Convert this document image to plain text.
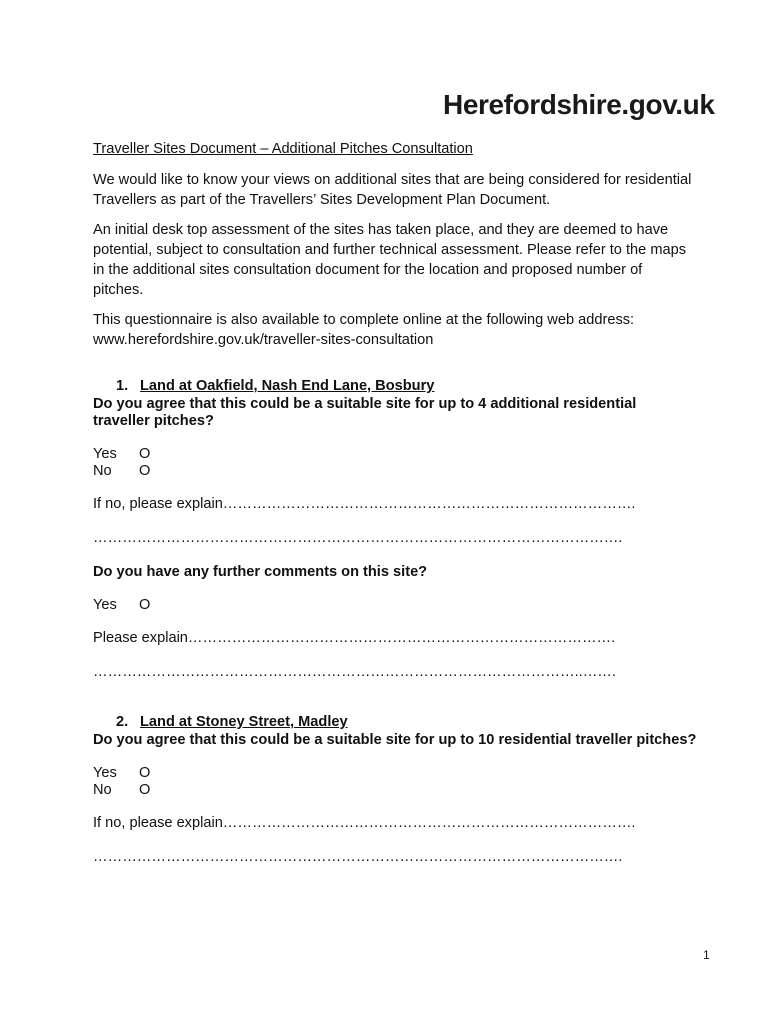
Herefordshire.gov.uk
Traveller Sites Document – Additional Pitches Consultation
We would like to know your views on additional sites that are being considered for residential Travellers as part of the Travellers’ Sites Development Plan Document.
An initial desk top assessment of the sites has taken place, and they are deemed to have potential, subject to consultation and further technical assessment. Please refer to the maps in the additional sites consultation document for the location and proposed number of pitches.
This questionnaire is also available to complete online at the following web address: www.herefordshire.gov.uk/traveller-sites-consultation
1. Land at Oakfield, Nash End Lane, Bosbury
Do you agree that this could be a suitable site for up to 4 additional residential traveller pitches?
Yes O
No O
If no, please explain………………………………………………………………………….
……………………………………………………………………………………………….
Do you have any further comments on this site?
Yes O
Please explain…………………………………………………………………………….
………………………………………………………………………………………..…….
2. Land at Stoney Street, Madley
Do you agree that this could be a suitable site for up to 10 residential traveller pitches?
Yes O
No O
If no, please explain………………………………………………………………………….
……………………………………………………………………………………………….
1
